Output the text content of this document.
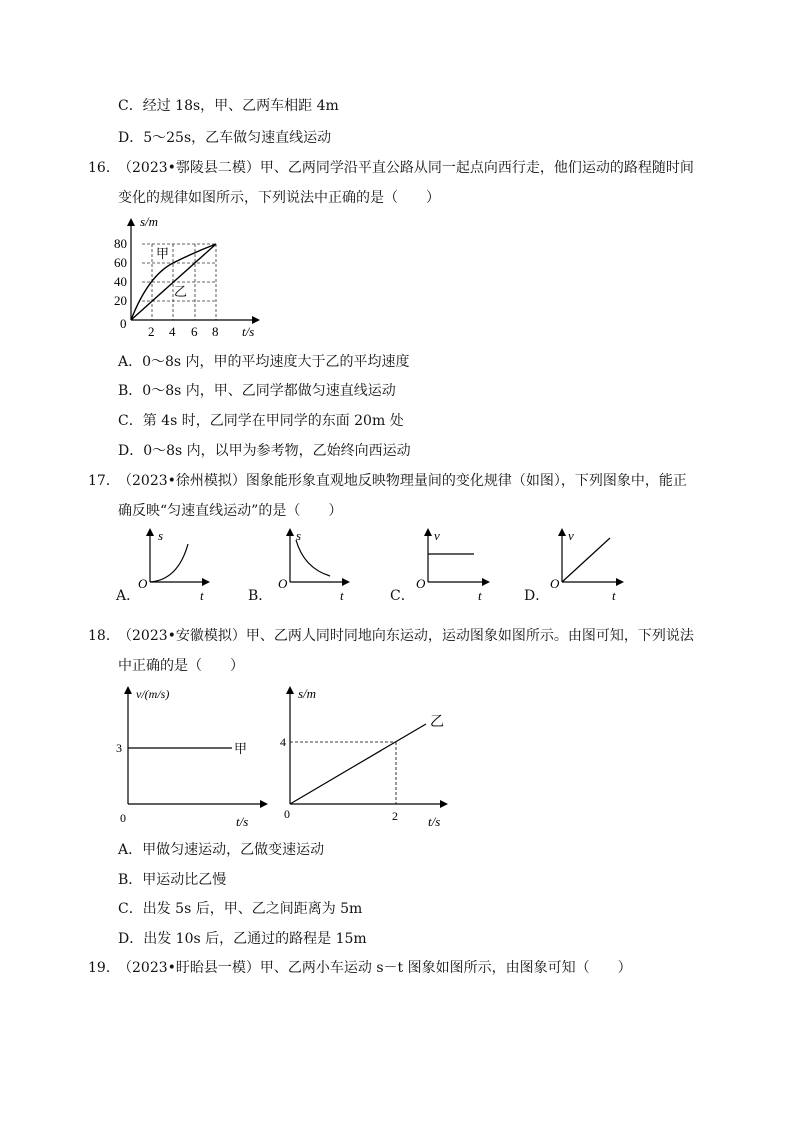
C．经过 18s，甲、乙两车相距 4m
D．5～25s，乙车做匀速直线运动
16．
（2023•鄠陵县二模）甲、乙两同学沿平直公路从同一起点向西行走，他们运动的路程随时间
变化的规律如图所示，下列说法中正确的是（　　）
s/m
t/s
0
20
40
60
80
2 4 6 8
甲
乙
A．0～8s 内，甲的平均速度大于乙的平均速度
B．0～8s 内，甲、乙同学都做匀速直线运动
C．第 4s 时，乙同学在甲同学的东面 20m 处
D．0～8s 内，以甲为参考物，乙始终向西运动
17．
（2023•徐州模拟）图象能形象直观地反映物理量间的变化规律（如图），下列图象中，能正
确反映“匀速直线运动”的是（　　）
A．
s
O
t	B．
s
O
t	C．
v
O
t	D．
v
O
t
18．
（2023•安徽模拟）甲、乙两人同时同地向东运动，运动图象如图所示。由图可知，下列说法
中正确的是（　　）
v/(m/s)
3
0	t/s
甲
s/m
4
0	2 t/s
乙
A．甲做匀速运动，乙做变速运动
B．甲运动比乙慢
C．出发 5s 后，甲、乙之间距离为 5m
D．出发 10s 后，乙通过的路程是 15m
19．
（2023•盱眙县一模）甲、乙两小车运动 s－t 图象如图所示，由图象可知（　　）
